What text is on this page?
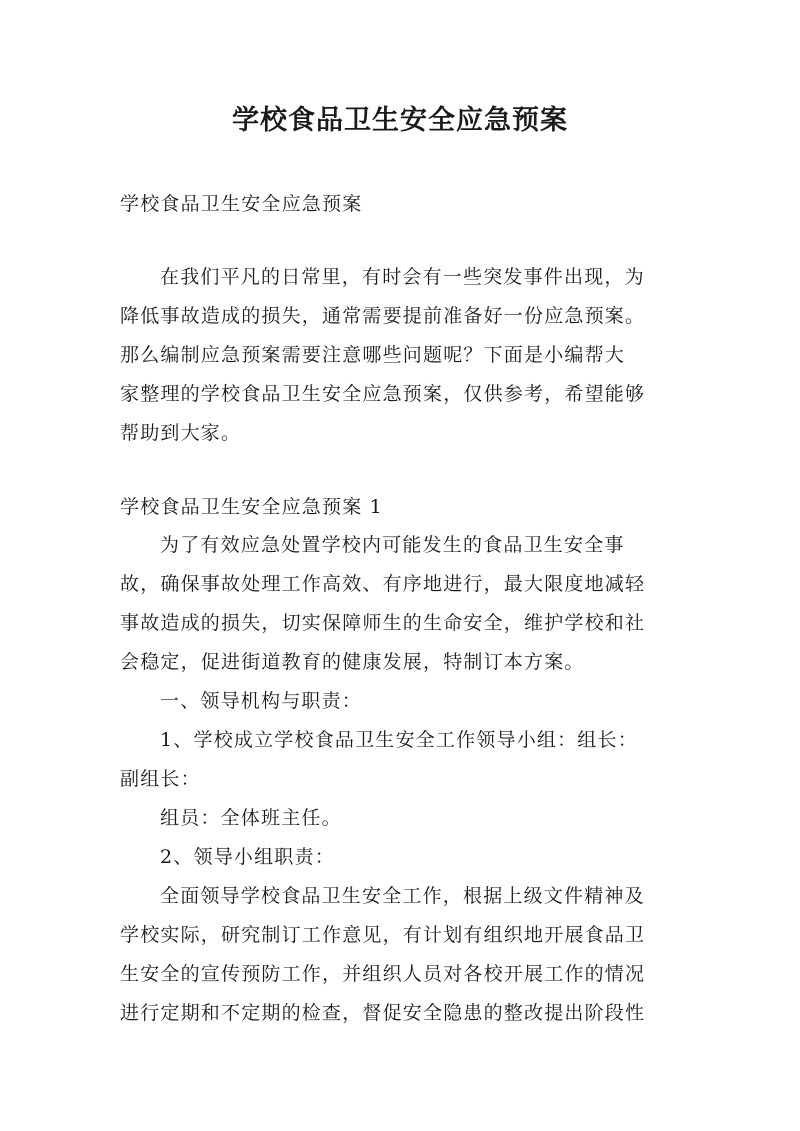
学校食品卫生安全应急预案
学校食品卫生安全应急预案
在我们平凡的日常里，有时会有一些突发事件出现，为
降低事故造成的损失，通常需要提前准备好一份应急预案。
那么编制应急预案需要注意哪些问题呢？下面是小编帮大
家整理的学校食品卫生安全应急预案，仅供参考，希望能够
帮助到大家。
学校食品卫生安全应急预案 1
为了有效应急处置学校内可能发生的食品卫生安全事
故，确保事故处理工作高效、有序地进行，最大限度地减轻
事故造成的损失，切实保障师生的生命安全，维护学校和社
会稳定，促进街道教育的健康发展，特制订本方案。
一、领导机构与职责：
1、学校成立学校食品卫生安全工作领导小组：组长：
副组长：
组员：全体班主任。
2、领导小组职责：
全面领导学校食品卫生安全工作，根据上级文件精神及
学校实际，研究制订工作意见，有计划有组织地开展食品卫
生安全的宣传预防工作，并组织人员对各校开展工作的情况
进行定期和不定期的检查，督促安全隐患的整改提出阶段性
